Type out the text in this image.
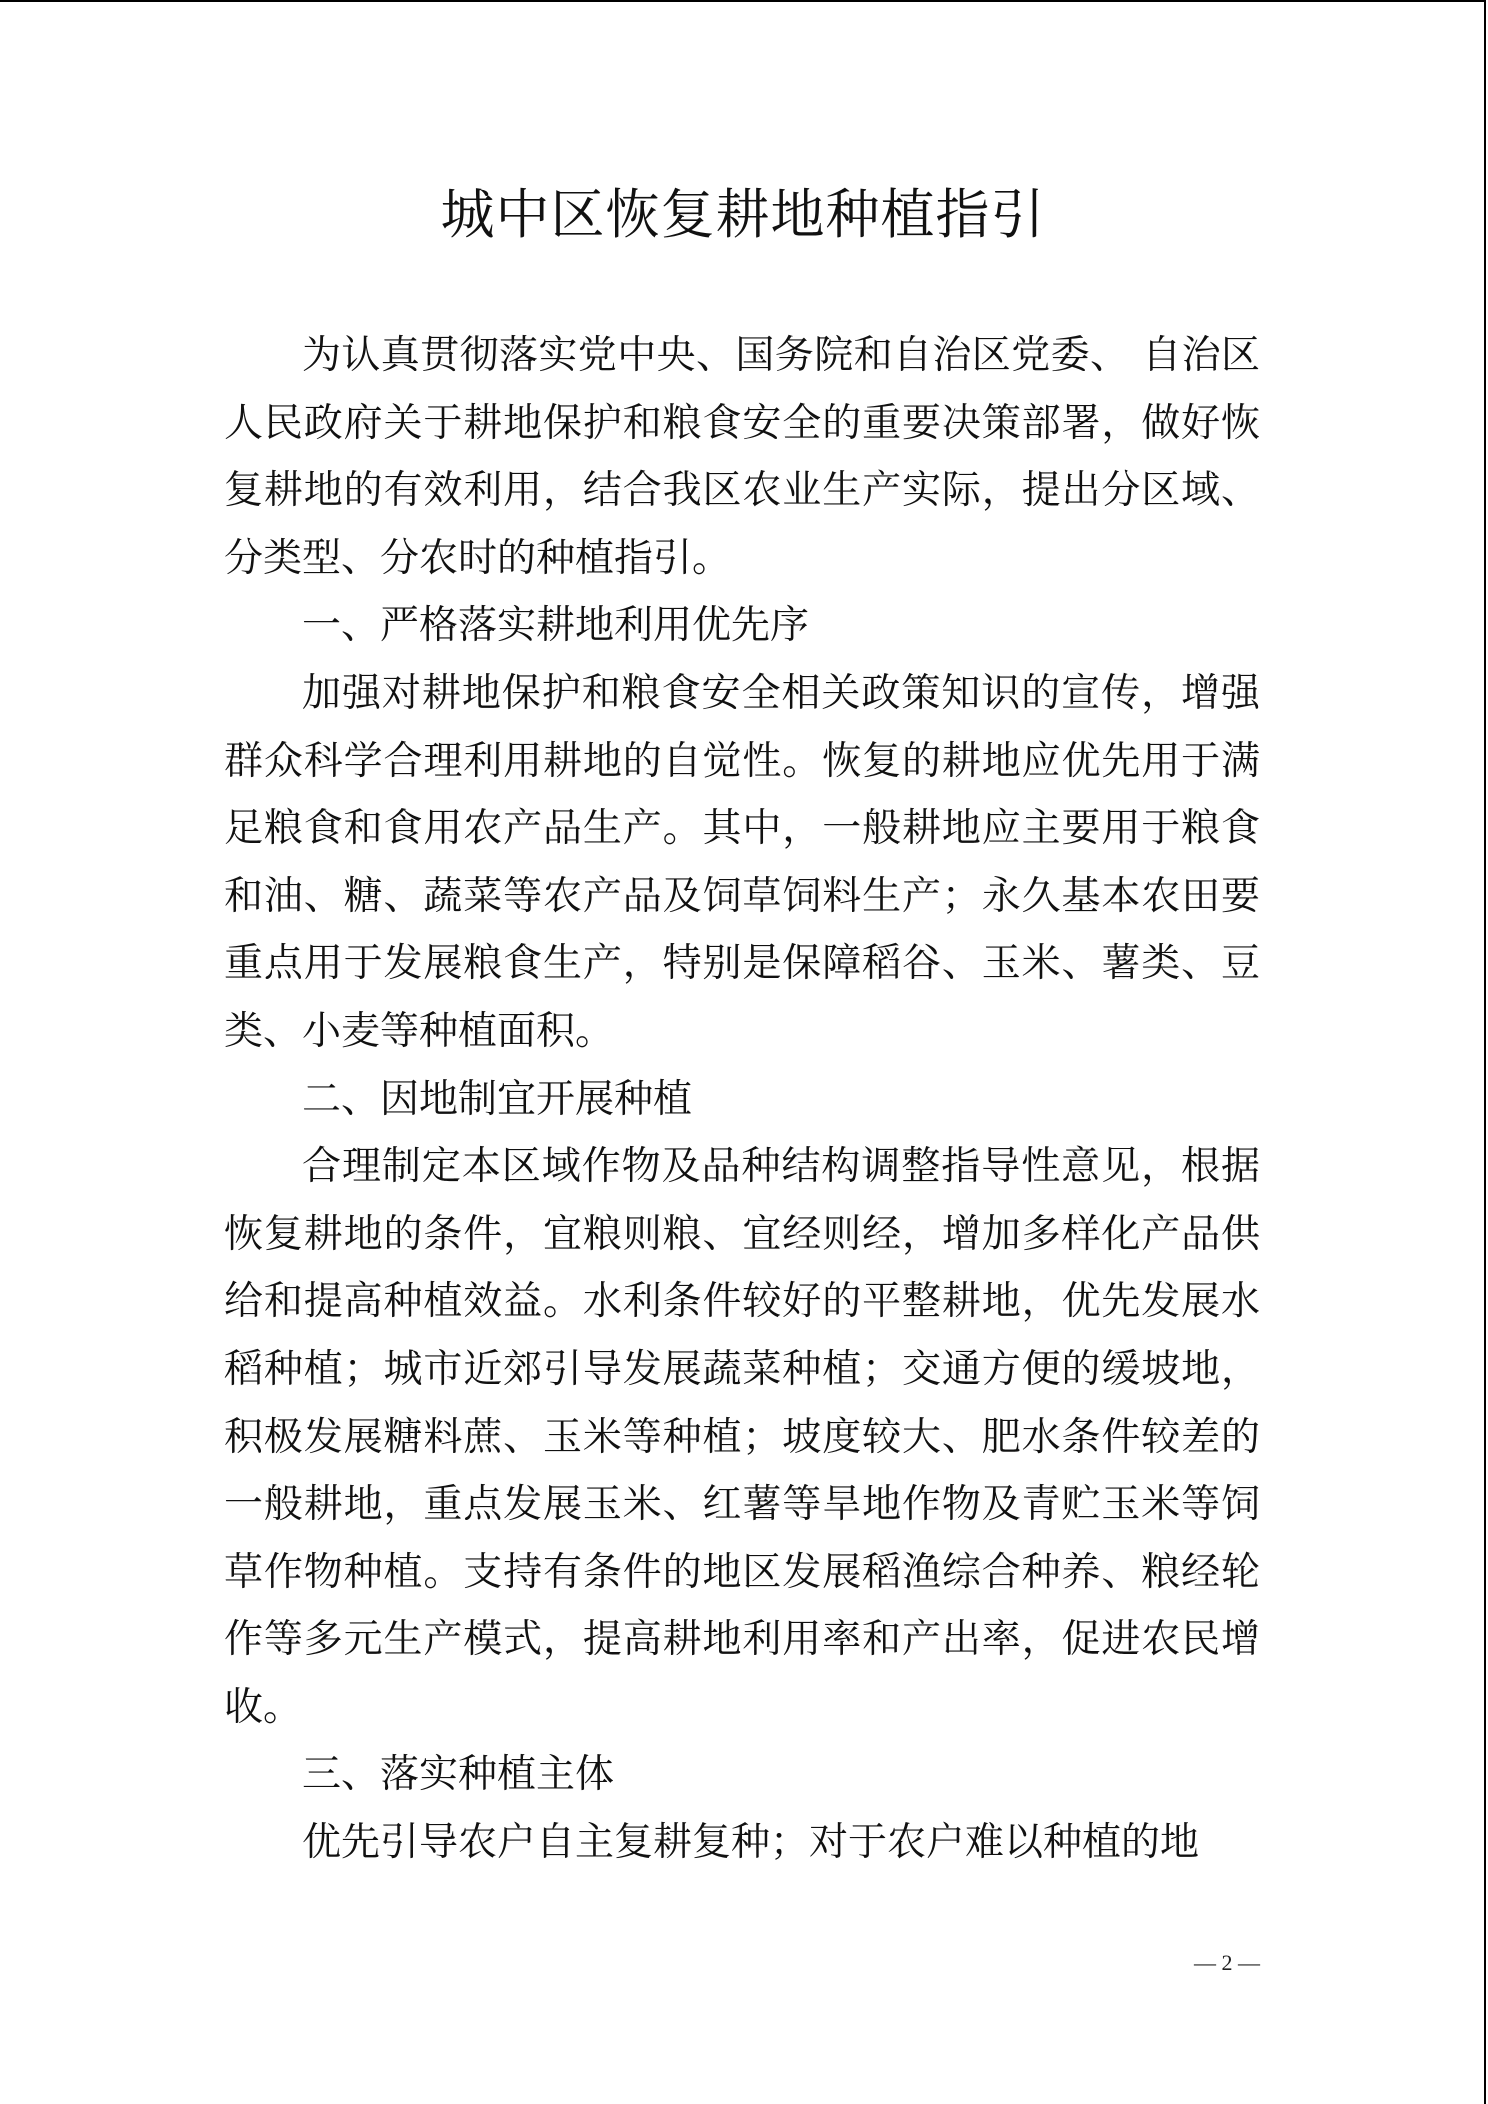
城中区恢复耕地种植指引

为认真贯彻落实党中央、国务院和自治区党委、 自治区人民政府关于耕地保护和粮食安全的重要决策部署，做好恢复耕地的有效利用，结合我区农业生产实际，提出分区域、分类型、分农时的种植指引。

一、严格落实耕地利用优先序

加强对耕地保护和粮食安全相关政策知识的宣传，增强群众科学合理利用耕地的自觉性。恢复的耕地应优先用于满足粮食和食用农产品生产。其中，一般耕地应主要用于粮食和油、糖、蔬菜等农产品及饲草饲料生产；永久基本农田要重点用于发展粮食生产，特别是保障稻谷、玉米、薯类、豆类、小麦等种植面积。

二、因地制宜开展种植

合理制定本区域作物及品种结构调整指导性意见，根据恢复耕地的条件，宜粮则粮、宜经则经，增加多样化产品供给和提高种植效益。水利条件较好的平整耕地，优先发展水稻种植；城市近郊引导发展蔬菜种植；交通方便的缓坡地，积极发展糖料蔗、玉米等种植；坡度较大、肥水条件较差的一般耕地，重点发展玉米、红薯等旱地作物及青贮玉米等饲草作物种植。支持有条件的地区发展稻渔综合种养、粮经轮作等多元生产模式，提高耕地利用率和产出率，促进农民增收。

三、落实种植主体

优先引导农户自主复耕复种；对于农户难以种植的地

— 2 —
